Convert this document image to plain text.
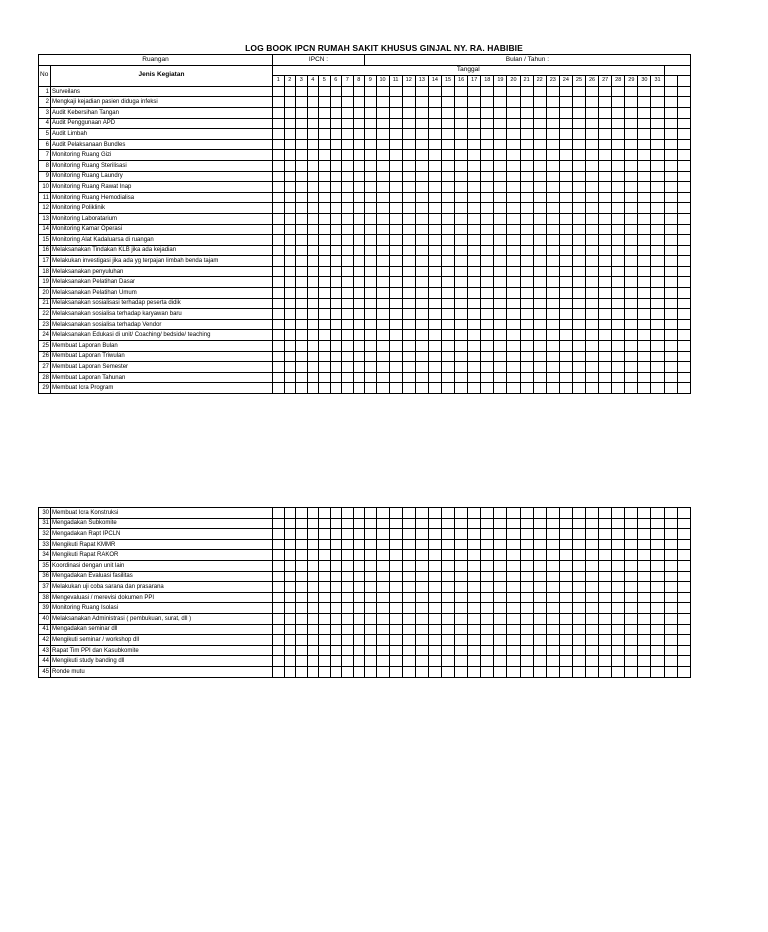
LOG BOOK IPCN RUMAH SAKIT KHUSUS GINJAL NY. RA. HABIBIE
Ruangan		IPCN :								Bulan / Tahun :																								
No	Jenis Kegiatan	Tanggal																																
		1	2	3	4	5	6	7	8	9	10	11	12	13	14	15	16	17	18	19	20	21	22	23	24	25	26	27	28	29	30	31		
1	Surveilans																																	
2	Mengkaji kejadian pasien diduga infeksi																																	
3	Audit Kebersihan Tangan																																	
4	Audit Penggunaan APD																																	
5	Audit Limbah																																	
6	Audit Pelaksanaan Bundles																																	
7	Monitoring Ruang Gizi																																	
8	Monitoring Ruang Sterilisasi																																	
9	Monitoring Ruang Laundry																																	
10	Monitoring Ruang Rawat Inap																																	
11	Monitoring Ruang Hemodialisa																																	
12	Monitoring Poliklinik																																	
13	Monitoring Laboratarium																																	
14	Monitoring Kamar Operasi																																	
15	Monitoring Alat Kadaluarsa di ruangan																																	
16	Melaksanakan Tindakan KLB jika ada kejadian																																	
17	Melakukan investigasi jika ada yg terpajan limbah benda tajam																																	
18	Melaksanakan penyuluhan																																	
19	Melaksanakan Pelatihan Dasar																																	
20	Melaksanakan Pelatihan Umum																																	
21	Melaksanakan sosialisasi terhadap peserta didik																																	
22	Melaksanakan sosialisa terhadap karyawan baru																																	
23	Melaksanakan sosialisa terhadap Vendor																																	
24	Melaksanakan Edukasi di unit/ Coaching/ bedside/ teaching																																	
25	Membuat Laporan Bulan																																	
26	Membuat Laporan Triwulan																																	
27	Membuat Laporan Semester																																	
28	Membuat Laporan Tahunan																																	
29	Membuat Icra Program																																	
30	Membuat Icra Konstruksi																																	
31	Mengadakan Subkomite																																	
32	Mengadakan Rapt IPCLN																																	
33	Mengikuti Rapat KMMR																																	
34	Mengikuti Rapat RAKOR																																	
35	Koordinasi dengan unit lain																																	
36	Mengadakan Evaluasi fasilitas																																	
37	Melakukan uji coba sarana dan prasarana																																	
38	Mengevaluasi / merevisi dokumen PPI																																	
39	Monitoring Ruang Isolasi																																	
40	Melaksanakan Administrasi ( pembukuan, surat, dll )																																	
41	Mengadakan seminar dll																																	
42	Mengikuti seminar / workshop dll																																	
43	Rapat Tim PPI dan Kasubkomite																																	
44	Mengikuti study banding dll																																	
45	Ronde mutu																																	
